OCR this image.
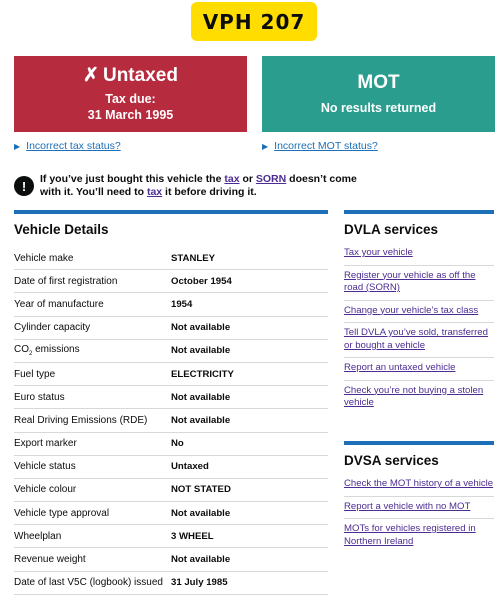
VPH 207
✗ Untaxed
Tax due:
31 March 1995
MOT
No results returned
▶ Incorrect tax status?	▶ Incorrect MOT status?
!	If you’ve just bought this vehicle the tax or SORN doesn’t come with it. You’ll need to tax it before driving it.
Vehicle Details
Vehicle make	STANLEY
Date of first registration	October 1954
Year of manufacture	1954
Cylinder capacity	Not available
$CO_2$ emissions	Not available
Fuel type	ELECTRICITY
Euro status	Not available
Real Driving Emissions (RDE)	Not available
Export marker	No
Vehicle status	Untaxed
Vehicle colour	NOT STATED
Vehicle type approval	Not available
Wheelplan	3 WHEEL
Revenue weight	Not available
Date of last V5C (logbook) issued 31 July 1985
DVLA services
Tax your vehicle
Register your vehicle as off the road (SORN)
Change your vehicle’s tax class
Tell DVLA you’ve sold, transferred or bought a vehicle
Report an untaxed vehicle
Check you’re not buying a stolen vehicle
DVSA services
Check the MOT history of a vehicle
Report a vehicle with no MOT
MOTs for vehicles registered in Northern Ireland
